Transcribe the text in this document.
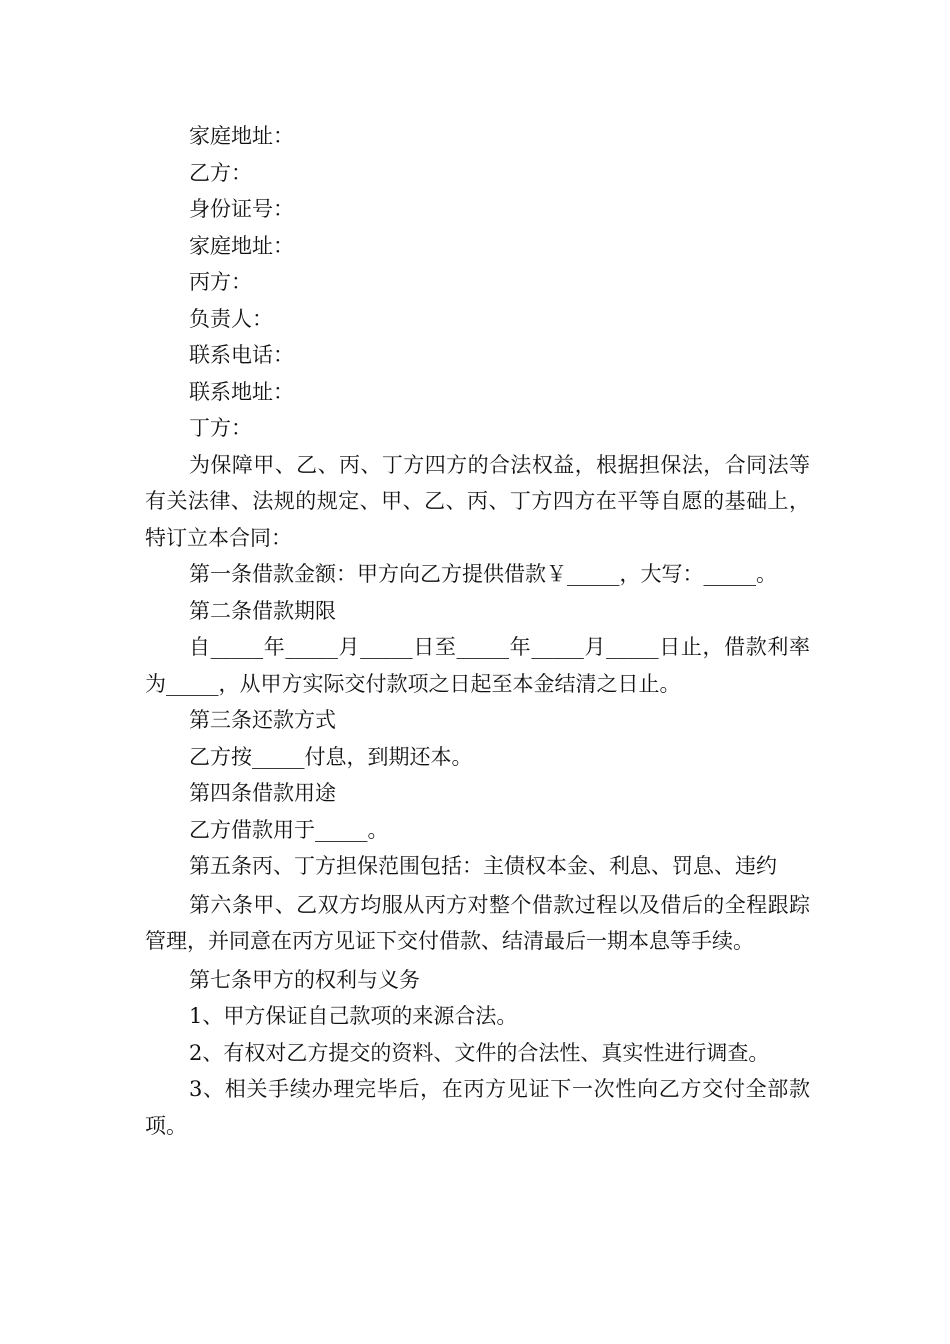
家庭地址：

乙方：

身份证号：

家庭地址：

丙方：

负责人：

联系电话：

联系地址：

丁方：

为保障甲、乙、丙、丁方四方的合法权益，根据担保法，合同法等有关法律、法规的规定、甲、乙、丙、丁方四方在平等自愿的基础上，特订立本合同：

第一条借款金额：甲方向乙方提供借款￥_____，大写：_____。

第二条借款期限

自_____年_____月_____日至_____年_____月_____日止，借款利率为_____，从甲方实际交付款项之日起至本金结清之日止。

第三条还款方式

乙方按_____付息，到期还本。

第四条借款用途

乙方借款用于_____。

第五条丙、丁方担保范围包括：主债权本金、利息、罚息、违约

第六条甲、乙双方均服从丙方对整个借款过程以及借后的全程跟踪管理，并同意在丙方见证下交付借款、结清最后一期本息等手续。

第七条甲方的权利与义务

1、甲方保证自己款项的来源合法。

2、有权对乙方提交的资料、文件的合法性、真实性进行调查。

3、相关手续办理完毕后，在丙方见证下一次性向乙方交付全部款项。
